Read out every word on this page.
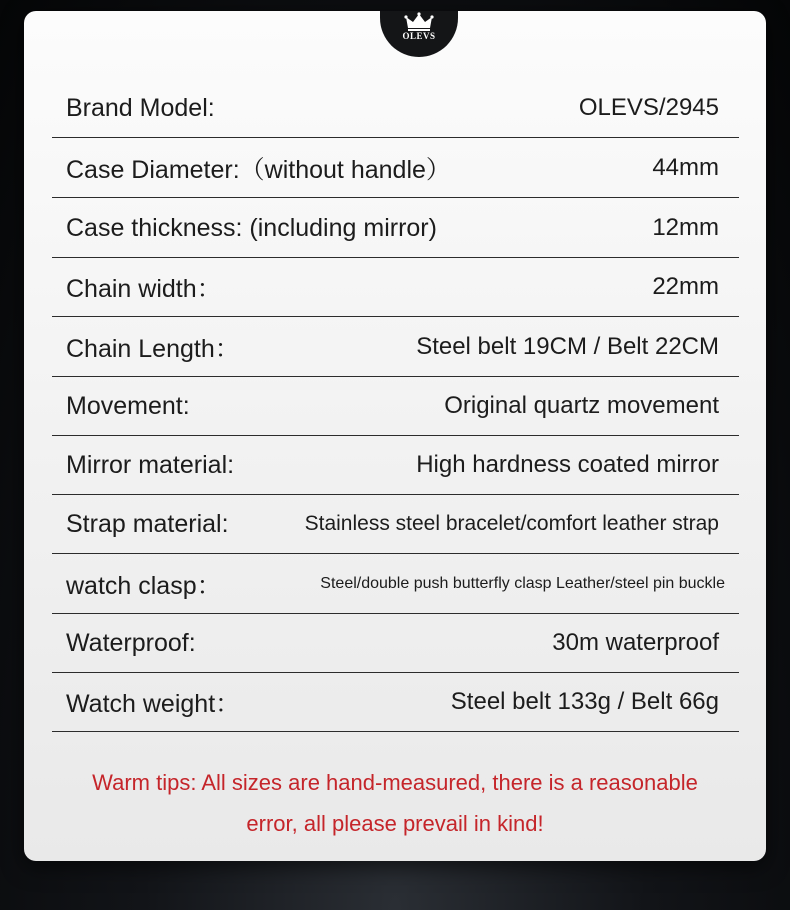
OLEVS
Brand Model:	OLEVS/2945
Case Diameter:（without handle）	44mm
Case thickness: (including mirror)	12mm
Chain width：	22mm
Chain Length：	Steel belt 19CM / Belt 22CM
Movement:	Original quartz movement
Mirror material:	High hardness coated mirror
Strap material:	Stainless steel bracelet/comfort leather strap
watch clasp：	Steel/double push butterfly clasp Leather/steel pin buckle
Waterproof:	30m waterproof
Watch weight：	Steel belt 133g / Belt 66g
Warm tips: All sizes are hand-measured, there is a reasonable
error, all please prevail in kind!
